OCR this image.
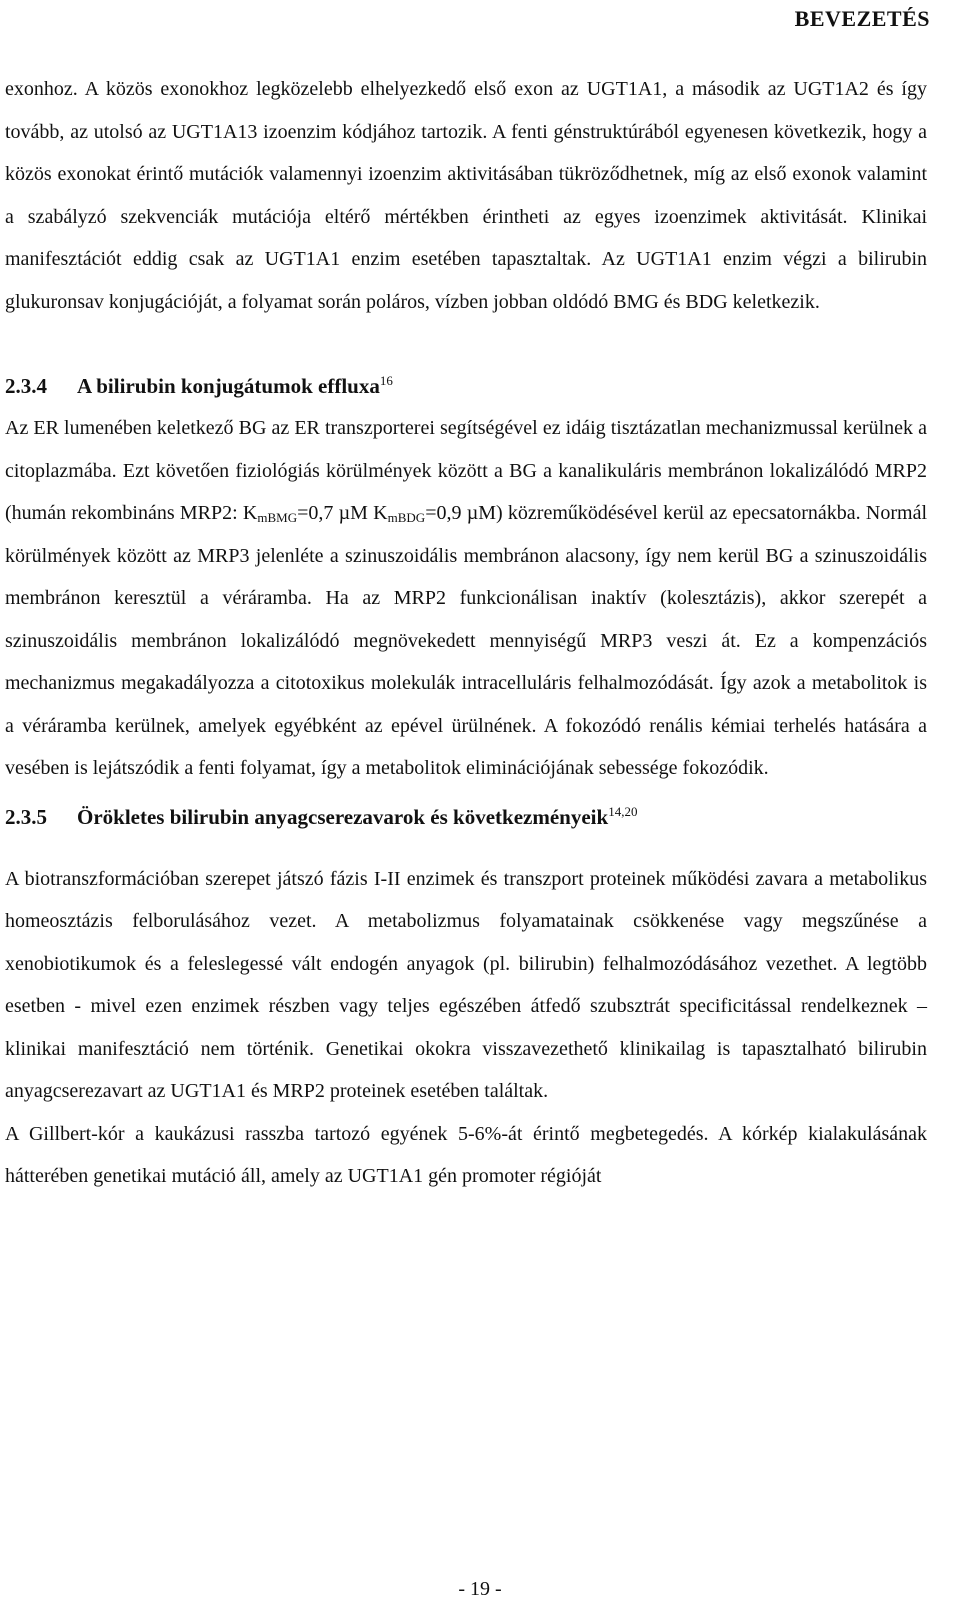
BEVEZETÉS

exonhoz. A közös exonokhoz legközelebb elhelyezkedő első exon az UGT1A1, a második az UGT1A2 és így tovább, az utolsó az UGT1A13 izoenzim kódjához tartozik. A fenti génstruktúrából egyenesen következik, hogy a közös exonokat érintő mutációk valamennyi izoenzim aktivitásában tükröződhetnek, míg az első exonok valamint a szabályzó szekvenciák mutációja eltérő mértékben érintheti az egyes izoenzimek aktivitását. Klinikai manifesztációt eddig csak az UGT1A1 enzim esetében tapasztaltak. Az UGT1A1 enzim végzi a bilirubin glukuronsav konjugációját, a folyamat során poláros, vízben jobban oldódó BMG és BDG keletkezik.

2.3.4 A bilirubin konjugátumok effluxa$^{16}$

Az ER lumenében keletkező BG az ER transzporterei segítségével ez idáig tisztázatlan mechanizmussal kerülnek a citoplazmába. Ezt követően fiziológiás körülmények között a BG a kanalikuláris membránon lokalizálódó MRP2 (humán rekombináns MRP2: $K_{mBMG}=0,7$ µM $K_{mBDG}=0,9$ µM) közreműködésével kerül az epecsatornákba. Normál körülmények között az MRP3 jelenléte a szinuszoidális membránon alacsony, így nem kerül BG a szinuszoidális membránon keresztül a véráramba. Ha az MRP2 funkcionálisan inaktív (kolesztázis), akkor szerepét a szinuszoidális membránon lokalizálódó megnövekedett mennyiségű MRP3 veszi át. Ez a kompenzációs mechanizmus megakadályozza a citotoxikus molekulák intracelluláris felhalmozódását. Így azok a metabolitok is a véráramba kerülnek, amelyek egyébként az epével ürülnének. A fokozódó renális kémiai terhelés hatására a vesében is lejátszódik a fenti folyamat, így a metabolitok eliminációjának sebessége fokozódik.

2.3.5 Örökletes bilirubin anyagcserezavarok és következményeik$^{14,20}$

A biotranszformációban szerepet játszó fázis I-II enzimek és transzport proteinek működési zavara a metabolikus homeosztázis felborulásához vezet. A metabolizmus folyamatainak csökkenése vagy megszűnése a xenobiotikumok és a feleslegessé vált endogén anyagok (pl. bilirubin) felhalmozódásához vezethet. A legtöbb esetben - mivel ezen enzimek részben vagy teljes egészében átfedő szubsztrát specificitással rendelkeznek – klinikai manifesztáció nem történik. Genetikai okokra visszavezethető klinikailag is tapasztalható bilirubin anyagcserezavart az UGT1A1 és MRP2 proteinek esetében találtak.

A Gillbert-kór a kaukázusi rasszba tartozó egyének 5-6%-át érintő megbetegedés. A kórkép kialakulásának hátterében genetikai mutáció áll, amely az UGT1A1 gén promoter régióját

- 19 -
